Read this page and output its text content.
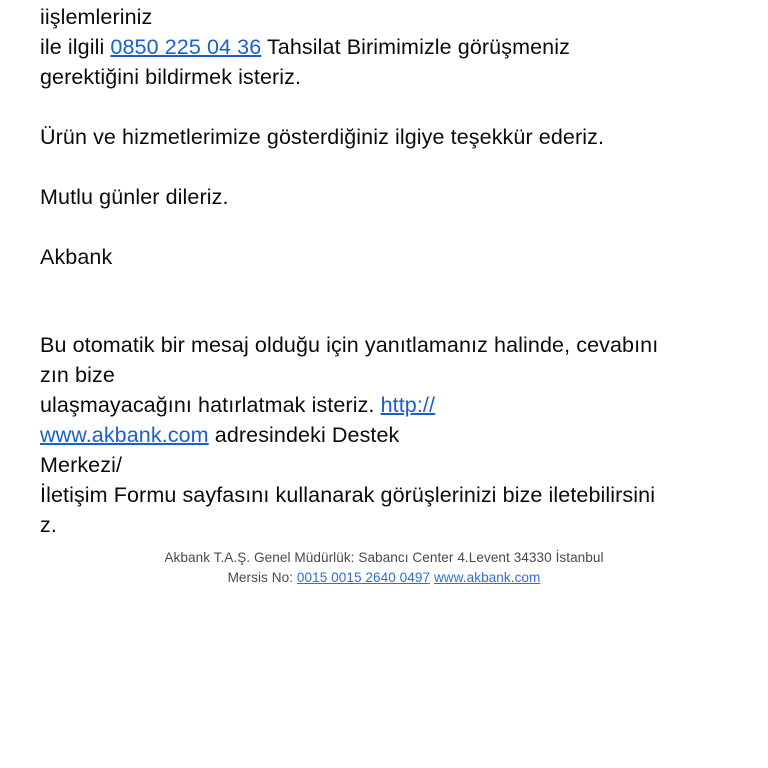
iişlemleriniz
ile ilgili 0850 225 04 36 Tahsilat Birimimizle görüşmeniz
gerektiğini bildirmek isteriz.

Ürün ve hizmetlerimize gösterdiğiniz ilgiye teşekkür ederiz.

Mutlu günler dileriz.

Akbank

Bu otomatik bir mesaj olduğu için yanıtlamanız halinde, cevabını
zın bize
ulaşmayacağını hatırlatmak isteriz. http://
www.akbank.com adresindeki Destek
Merkezi/
İletişim Formu sayfasını kullanarak görüşlerinizi bize iletebilirsini
z.

Akbank T.A.Ş. Genel Müdürlük: Sabancı Center 4.Levent 34330 İstanbul

Mersis No: 0015 0015 2640 0497 www.akbank.com
